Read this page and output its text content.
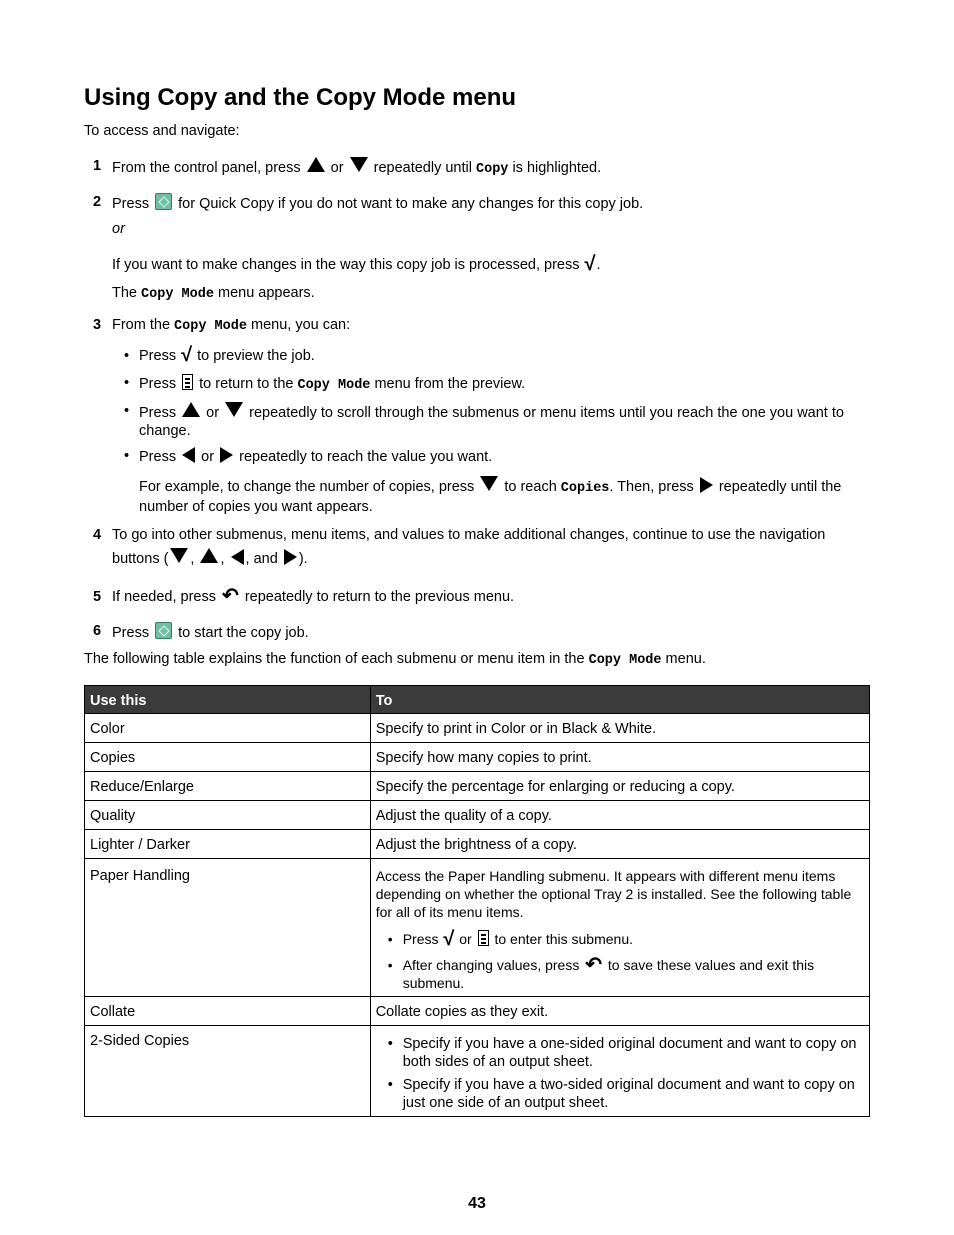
Using Copy and the Copy Mode menu
To access and navigate:
1 From the control panel, press or repeatedly until Copy is highlighted.
2 Press for Quick Copy if you do not want to make any changes for this copy job.
or
If you want to make changes in the way this copy job is processed, press √.
The Copy Mode menu appears.
3 From the Copy Mode menu, you can:
• Press √ to preview the job.
• Press to return to the Copy Mode menu from the preview.
• Press or repeatedly to scroll through the submenus or menu items until you reach the one you want to change.
• Press or repeatedly to reach the value you want.
For example, to change the number of copies, press to reach Copies. Then, press repeatedly until the number of copies you want appears.
4 To go into other submenus, menu items, and values to make additional changes, continue to use the navigation buttons ( , , , and ).
5 If needed, press ↶ repeatedly to return to the previous menu.
6 Press to start the copy job.
The following table explains the function of each submenu or menu item in the Copy Mode menu.
Use this	To
Color	Specify to print in Color or in Black & White.
Copies	Specify how many copies to print.
Reduce/Enlarge	Specify the percentage for enlarging or reducing a copy.
Quality	Adjust the quality of a copy.
Lighter / Darker	Adjust the brightness of a copy.
Paper Handling	Access the Paper Handling submenu. It appears with different menu items depending on whether the optional Tray 2 is installed. See the following table for all of its menu items.
• Press √ or to enter this submenu.
• After changing values, press ↶ to save these values and exit this submenu.

Collate	Collate copies as they exit.
2-Sided Copies	• Specify if you have a one-sided original document and want to copy on both sides of an output sheet.
• Specify if you have a two-sided original document and want to copy on just one side of an output sheet.
43
